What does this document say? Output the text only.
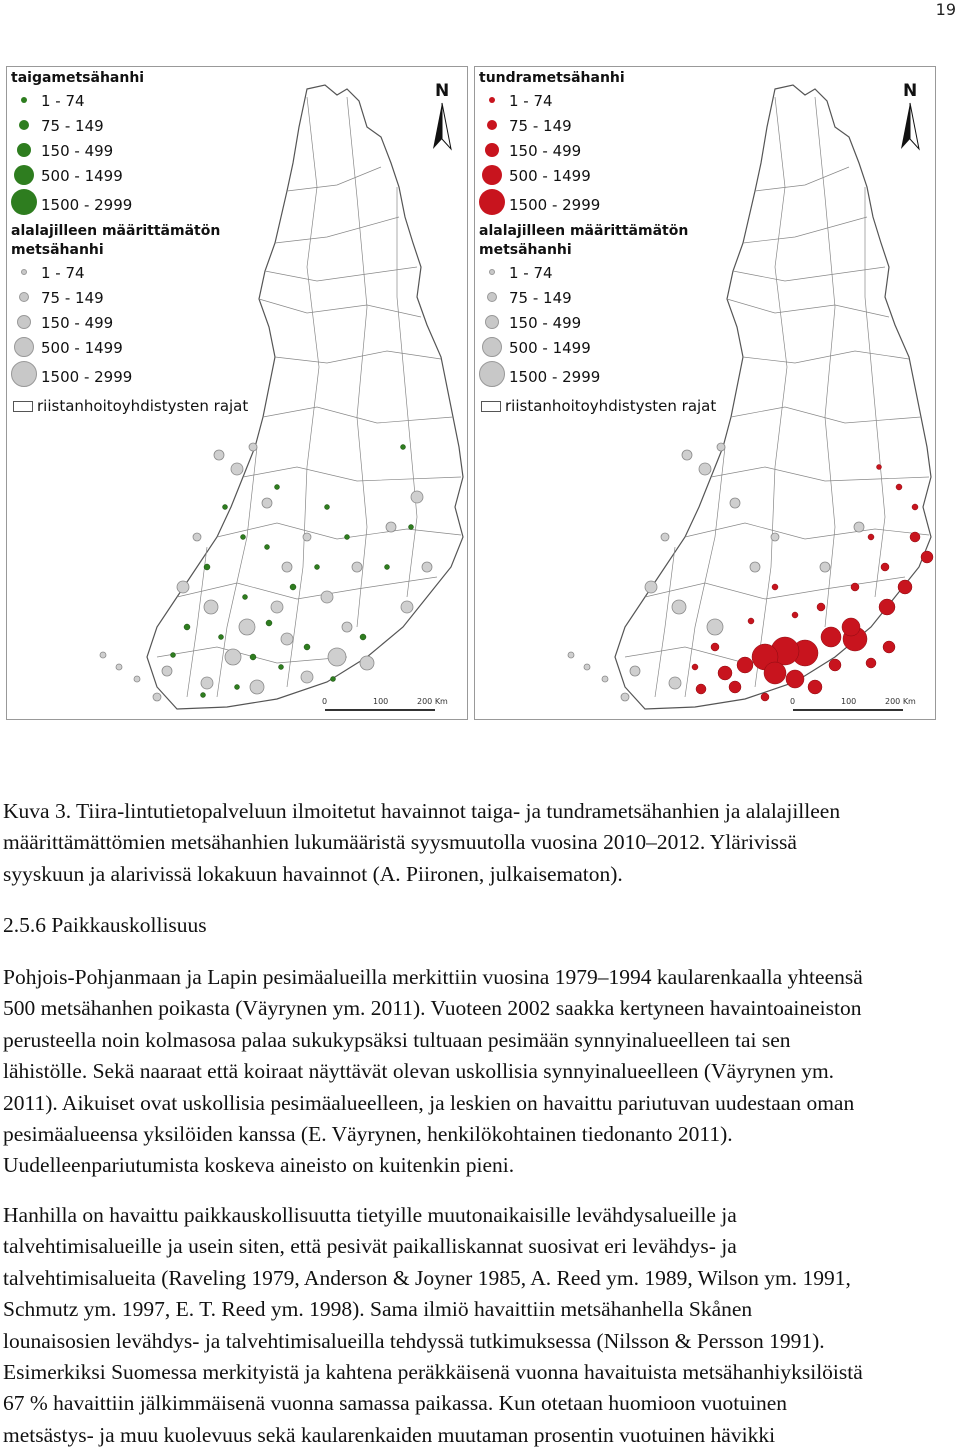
19
taigametsähanhi
1 - 74
75 - 149
150 - 499
500 - 1499
1500 - 2999
alalajilleen määrittämätön
metsähanhi
1 - 74
75 - 149
150 - 499
500 - 1499
1500 - 2999
riistanhoitoyhdistysten rajat
N
0	100	200 Km
tundrametsähanhi
1 - 74
75 - 149
150 - 499
500 - 1499
1500 - 2999
alalajilleen määrittämätön
metsähanhi
1 - 74
75 - 149
150 - 499
500 - 1499
1500 - 2999
riistanhoitoyhdistysten rajat
N
0	100	200 Km

Kuva 3. Tiira-lintutietopalveluun ilmoitetut havainnot taiga- ja tundrametsähanhien ja alalajilleen

määrittämättömien metsähanhien lukumääristä syysmuutolla vuosina 2010–2012. Ylärivissä

syyskuun ja alarivissä lokakuun havainnot (A. Piironen, julkaisematon).

2.5.6 Paikkauskollisuus

Pohjois-Pohjanmaan ja Lapin pesimäalueilla merkittiin vuosina 1979–1994 kaularenkaalla yhteensä

500 metsähanhen poikasta (Väyrynen ym. 2011). Vuoteen 2002 saakka kertyneen havaintoaineiston

perusteella noin kolmasosa palaa sukukypsäksi tultuaan pesimään synnyinalueelleen tai sen

lähistölle. Sekä naaraat että koiraat näyttävät olevan uskollisia synnyinalueelleen (Väyrynen ym.

2011). Aikuiset ovat uskollisia pesimäalueelleen, ja leskien on havaittu pariutuvan uudestaan oman

pesimäalueensa yksilöiden kanssa (E. Väyrynen, henkilökohtainen tiedonanto 2011).

Uudelleenpariutumista koskeva aineisto on kuitenkin pieni.

Hanhilla on havaittu paikkauskollisuutta tietyille muutonaikaisille levähdysalueille ja

talvehtimisalueille ja usein siten, että pesivät paikalliskannat suosivat eri levähdys- ja

talvehtimisalueita (Raveling 1979, Anderson & Joyner 1985, A. Reed ym. 1989, Wilson ym. 1991,

Schmutz ym. 1997, E. T. Reed ym. 1998). Sama ilmiö havaittiin metsähanhella Skånen

lounaisosien levähdys- ja talvehtimisalueilla tehdyssä tutkimuksessa (Nilsson & Persson 1991).

Esimerkiksi Suomessa merkityistä ja kahtena peräkkäisenä vuonna havaituista metsähanhiyksilöistä

67 % havaittiin jälkimmäisenä vuonna samassa paikassa. Kun otetaan huomioon vuotuinen

metsästys- ja muu kuolevuus sekä kaularenkaiden muutaman prosentin vuotuinen hävikki
